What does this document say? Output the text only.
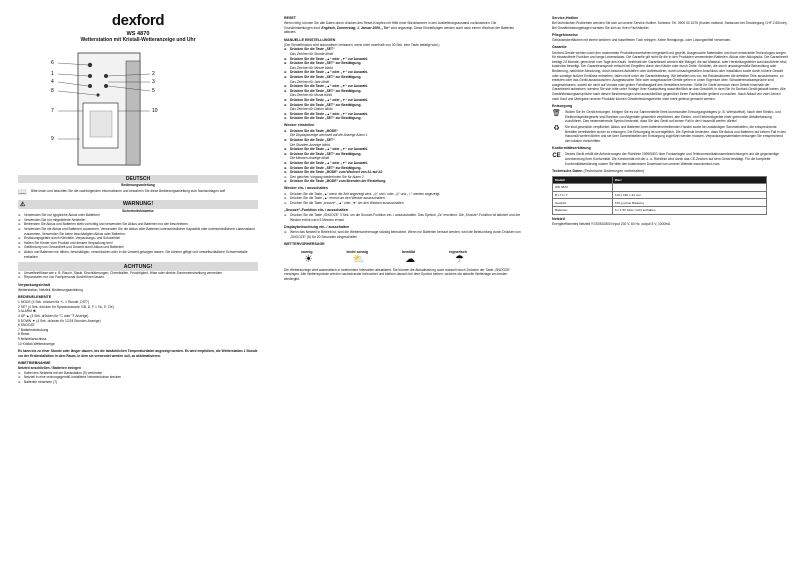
dexford
WS 4870
Wetterstation mit Kristall-Wetteranzeige und Uhr
6
1
4
8
7
9
2
3
5
10
DEUTSCH
Bedienungsanleitung
📖 Bitte lesen und beachten Sie die nachfolgenden Informationen und bewahren Sie diese Bedienungsanleitung zum Nachschlagen auf!
⚠	WARNUNG!
Sicherheitshinweise
➡ Verwenden Sie nur typgleiche Akkus oder Batterien!
➡ Verwenden Sie nur mitgelieferte Netzteile!
➡ Beitrenden Sie Akkus und Batterien stets vorrichtig und verwenden Sie Akkus und Batterien nur wie beschrieben.
➡ Verwenden Sie nie Akkus und Batterien zusammen. Verwenden Sie nie Akkus oder Batterien unterschiedlicher Kapazität oder unterschiedlichem Ladezustand zusammen. Verwenden Sie keine beschädigten Akkus oder Batterien.
➡ Erstickungsgefahr durch Kleinteile, Verpackungs- und Schutzfolie!
➡ Halten Sie Kinder vom Produkt und dessen Verpackung fern!
➡ Gefährdung von Gesundheit und Umwelt durch Akkus und Batterien!
➡ Akkus und Batterien nie öffnen, beschädigen, verschlucken oder in die Umwelt gelangen lassen. Sie können giftige und umweltschädliche Schwermetalle enthalten.
ACHTUNG!
➡ Umwelteinflüsse wie z. B. Rauch, Staub, Erschütterungen, Chemikalien, Feuchtigkeit, Hitze oder direkte Sonneneinstrahlung vermeiden.
➡ Reparaturen nur von Fachpersonal durchführen lassen.
Verpackungsinhalt
Wetterstation, Netzteil, Bedienungsanleitung
BEDIENELEMENTE

1 MODE (4 Sek. drücken für +/- 1 Stunde „DST“)

2 SET (4 Sek. drücken für Sprachauswahl: GB, D, F, I, NL, E, DK)

3 ALARM ✱

4 UP ▲ (4 Sek. drücken für °C oder °F Anzeige)

5 DOWN ▼ (4 Sek. drücken für 12/24 Stunden-Anzeige)

6 SNOOZE

7 Batterieabdeckung

8 Reset

9 Netzteilanschluss

10 Kristall-Wetteranzeige

Es kann bis zu einer Stunde oder länger dauern, bis die tatsächlichen Temperaturdaten angezeigt werden. Es wird empfohlen, die Wetterstation 1 Stunde vor der Erstinstallation in dem Raum, in dem sie verwendet werden soll, zu akklimatisieren.
INBETRIEBNAHME
Netzteil anschließen / Batterien einlegen
➡ Kabel des Netzteils mit der Basisstation (9) verbinden
➡ Netzteil in eine ordnungsgemäß installierte Netzsteckdose stecken
➡ Batterien einsetzen (7)
RESET
Wenn nötig, können Sie alle Daten durch drücken des Reset-Knopfes mit Hilfe einer Büroklammer in den Auslieferungszustand zurücksetzen. Die Grundeinstellungen sind: Englisch, Donnerstag, 1. Januar 2009, „Tm“ wird angezeigt. Diese Einstellungen werden auch nach einem Wechsel der Batterien aktiviert.
MANUELLE EINSTELLUNGEN
(Der Einstellmodus wird automatisch verlassen, wenn nicht innerhalb von 30 Sek. eine Taste betätigt wird.)
➡ Drücken Sie die Taste „SET“
Das Zeichen für Stunde blinkt
➡ Drücken Sie die Taste „▲“ oder „▼“ zur Auswahl.
➡ Drücken Sie die Taste „SET“ zur Bestätigung.
Das Zeichen für Minute blinkt
➡ Drücken Sie die Taste „▲“ oder „▼“ zur Auswahl.
➡ Drücken Sie die Taste „SET“ zur Bestätigung.
Das Zeichen für Jahr blinkt
➡ Drücken Sie die Taste „▲“ oder „▼“ zur Auswahl.
➡ Drücken Sie die Taste „SET“ zur Bestätigung.
Das Zeichen für Monat blinkt
➡ Drücken Sie die Taste „▲“ oder „▼“ zur Auswahl.
➡ Drücken Sie die Taste „SET“ zur Bestätigung.
Das Zeichen für Datum blinkt
➡ Drücken Sie die Taste „▲“ oder „▼“ zur Auswahl.
➡ Drücken Sie die Taste „SET“ zur Bestätigung.
Wecker einstellen
➡ Drücken Sie die Taste „MODE“
Die Displayanzeige wechselt auf die Anzeige Alarm 1
➡ Drücken Sie die Taste „SET“
Die Stunden-Anzeige blinkt
➡ Drücken Sie die Taste „▲“ oder „▼“ zur Auswahl.
➡ Drücken Sie die Taste „SET“ zur Bestätigung.
Die Minuten-Anzeige blinkt
➡ Drücken Sie die Taste „▲“ oder „▼“ zur Auswahl.
➡ Drücken Sie die Taste „SET“ zur Bestätigung.
➡ Drücken Sie die Taste „MODE“ zum Wechsel von A1 auf A2
➡ Den gleichen Vorgang wiederholen Sie für Alarm 2
➡ Drücken Sie die Taste „MODE“ zum Beenden der Einstellung.
Wecker ein- / ausschalten
➡ Drücken Sie die Taste „▲“ wenn die Zeit angezeigt wird. „◎“ und / oder „◎“ und „☼“ werden angezeigt.
➡ Drücken Sie die Taste „▲“ erneut um den Wecker auszuschalten.
➡ Drücken Sie die Taste „snooze“, „▲“ oder „▼“ um den Wecken auszuschalten
„Snooze“-Funktion ein- / ausschalten
➡ Drücken Sie die Taste „SNOOZE“ 3 Sek. um die Snooze-Funktion ein- / auszuschalten. Das Symbol „Zz“ erscheint. Die „Snooze“-Funktion ist aktiviert und der Wecker ertönt nach 5 Minuten erneut
Displaybeleuchtung ein- / ausschalten
➡ Wenn das Netzteil in Betrieb ist, wird die Wetterwvorhersage ständig beleuchtet. Wenn nur Batterien benutzt werden, wird die Beleuchtung durch Drücken von „SNOOZE“ (6) für 20 Sekunden eingeschaltet.
WETTERVORHERSAGE
sonnig	leicht sonnig	bewölkt	regnerisch
☀	⛅	☁	☂
Die Wetteranzeige wird automatisch in bestimmten Intervallen aktualisiert. Sie können die Aktualisierung auch manuell durch Drücken der Taste „SNOOZE“ erzwingen. Alle Wettersymbole werden nacheinander beleuchtet und bleiben danach bei dem Symbol stehen, welches die aktuelle Wetterlage am besten wiedergibt.
Service-Hotline
Bei technischen Problemen wenden Sie sich an unsere Service-Hotline. Schweiz: Tel. 0900 00 1675 (Kosten national, Swisscom bei Drucklegung CHF 2.60/min). Bei Gewährleistungsfragen wenden Sie sich an Ihren Fachhändler.
Pflegehinweise
Gehäuseoberflächen mit einem weichen und fusselfreien Tuch reinigen. Keine Reinigungs- oder Lösungsmittel verwenden.
Garantie
Dexford-Geräte werden nach den modernsten Produktionsverfahren hergestellt und geprüft. Ausgesuchte Materialien und hoch entwickelte Technologien sorgen für einwandfreie Funktion und lange Lebensdauer. Die Garantie gilt nicht für die in den Produkten verwendeten Batterien, Akkus oder Akkupacks. Die Garantiezeit beträgt 24 Monate, gerechnet vom Tage des Kaufs. Innerhalb der Garantiezeit werden alle Mängel, die auf Material- oder Herstellungsfehler zurückzuführen sind, kostenlos beseitigt. Der Garantieanspruch erlischt bei Eingriffen durch den Käufer oder durch Dritte. Schäden, die durch unsachgemäße Behandlung oder Bedienung, natürliche Abnutzung, durch falsches Aufstellen oder Aufbewahren, durch unsachgemäßen Anschluss oder Installation sowie durch höhere Gewalt oder sonstige äußere Einflüsse entstehen, fallen nicht unter die Garantieleistung. Wir behalten uns vor, bei Reklamationen die defekten Teile auszubessern, zu ersetzen oder das Gerät auszutauschen. Ausgetauschte Teile oder ausgetauschte Geräte gehen in unser Eigentum über. Schadenersatzansprüche sind ausgeschlossen, soweit sie nicht auf Vorsatz oder grober Fahrlässigkeit des Herstellers beruhen. Sollte Ihr Gerät dennoch einen Defekt innerhalb der Garantiezeit aufweisen, wenden Sie sich bitte unter Vorlage Ihrer Kaufquittung ausschließlich an das Geschäft, in dem Sie Ihr Dexford-Gerät gekauft haben. Alle Gewährleistungsansprüche nach diesen Bestimmungen sind ausschließlich gegenüber Ihrem Fachhändler geltend zu machen. Nach Ablauf von zwei Jahren nach Kauf und Übergabe unserer Produkte können Gewährleistungsrechte nicht mehr geltend gemacht werden.
Entsorgung
🗑 Wollen Sie Ihr Gerät entsorgen, bringen Sie es zur Sammelstelle Ihres kommunalen Entsorgungsträgers (z. B. Wertstoffhof). Nach dem Elektro- und Elektronikgerätegesetz sind Besitzer von Altgeräten gesetzlich verpflichtet, alte Elektro- und Elektronikgeräte einer getrennten Abfallerfassung zuzuführen. Das nebenstehende Symbol bedeutet, dass Sie das Gerät auf keinen Fall in den Hausmüll werfen dürfen!
♻	Sie sind gesetzlich verpflichtet, Akkus und Batterien beim batterievertreibenden Handel sowie bei zuständigen Sammelstellen, die entsprechende Behälter bereitstellen sicher zu entsorgen. Die Entsorgung ist unentgeltlich. Die Symbole bedeuten, dass Sie Akkus und Batterien auf keinen Fall in den Hausmüll werfen dürfen und sie über Sammelstellen der Entsorgung zugeführt werden müssen. Verpackungsmaterialien entsorgen Sie entsprechend den lokalen Vorschriften.
Konformitätserklärung
CE Dieses Gerät erfüllt die Anforderungen der Richtlinie 1999/5/EG über Funkanlagen und Telekommunikationsendeinrichtungen und die gegenseitige Anerkennung ihrer Konformität. Die Konformität mit der o. a. Richtlinie wird durch das CE-Zeichen auf dem Gerät bestätigt. Für die komplette Konformitätserklärung nutzen Sie bitte den kostenlosen Download von unserer Website www.dexford.com.
Technische Daten (Technische Änderungen vorbehalten)
Modell	Wert
WS 4870	
B x H x T	110 x 190 x 43 mm
Gewicht	370 g (ohne Batterie)
Batterien	3 x 1,5V AAA / nicht enthalten
Netzteil
Energieeffizientes Netzteil YGS0510800I Input 230 V, 50 Hz, output 5 V, 1000mA
